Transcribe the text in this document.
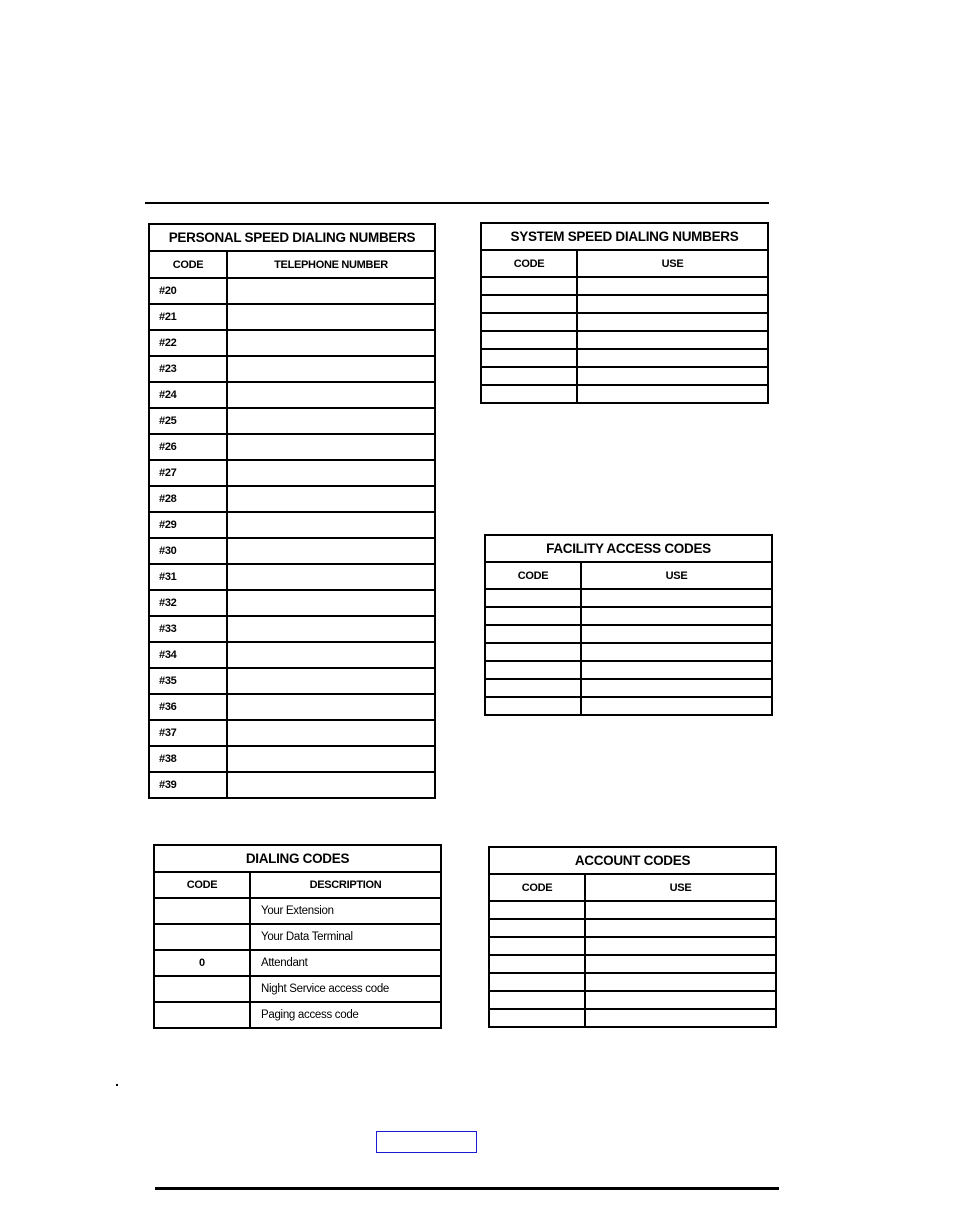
PERSONAL SPEED DIALING NUMBERS	
CODE	TELEPHONE NUMBER
#20	
#21	
#22	
#23	
#24	
#25	
#26	
#27	
#28	
#29	
#30	
#31	
#32	
#33	
#34	
#35	
#36	
#37	
#38	
#39	
SYSTEM SPEED DIALING NUMBERS	
CODE	USE

FACILITY ACCESS CODES	
CODE	USE

DIALING CODES	
CODE	DESCRIPTION
	Your Extension
	Your Data Terminal
0	Attendant
	Night Service access code
	Paging access code
ACCOUNT CODES	
CODE	USE
